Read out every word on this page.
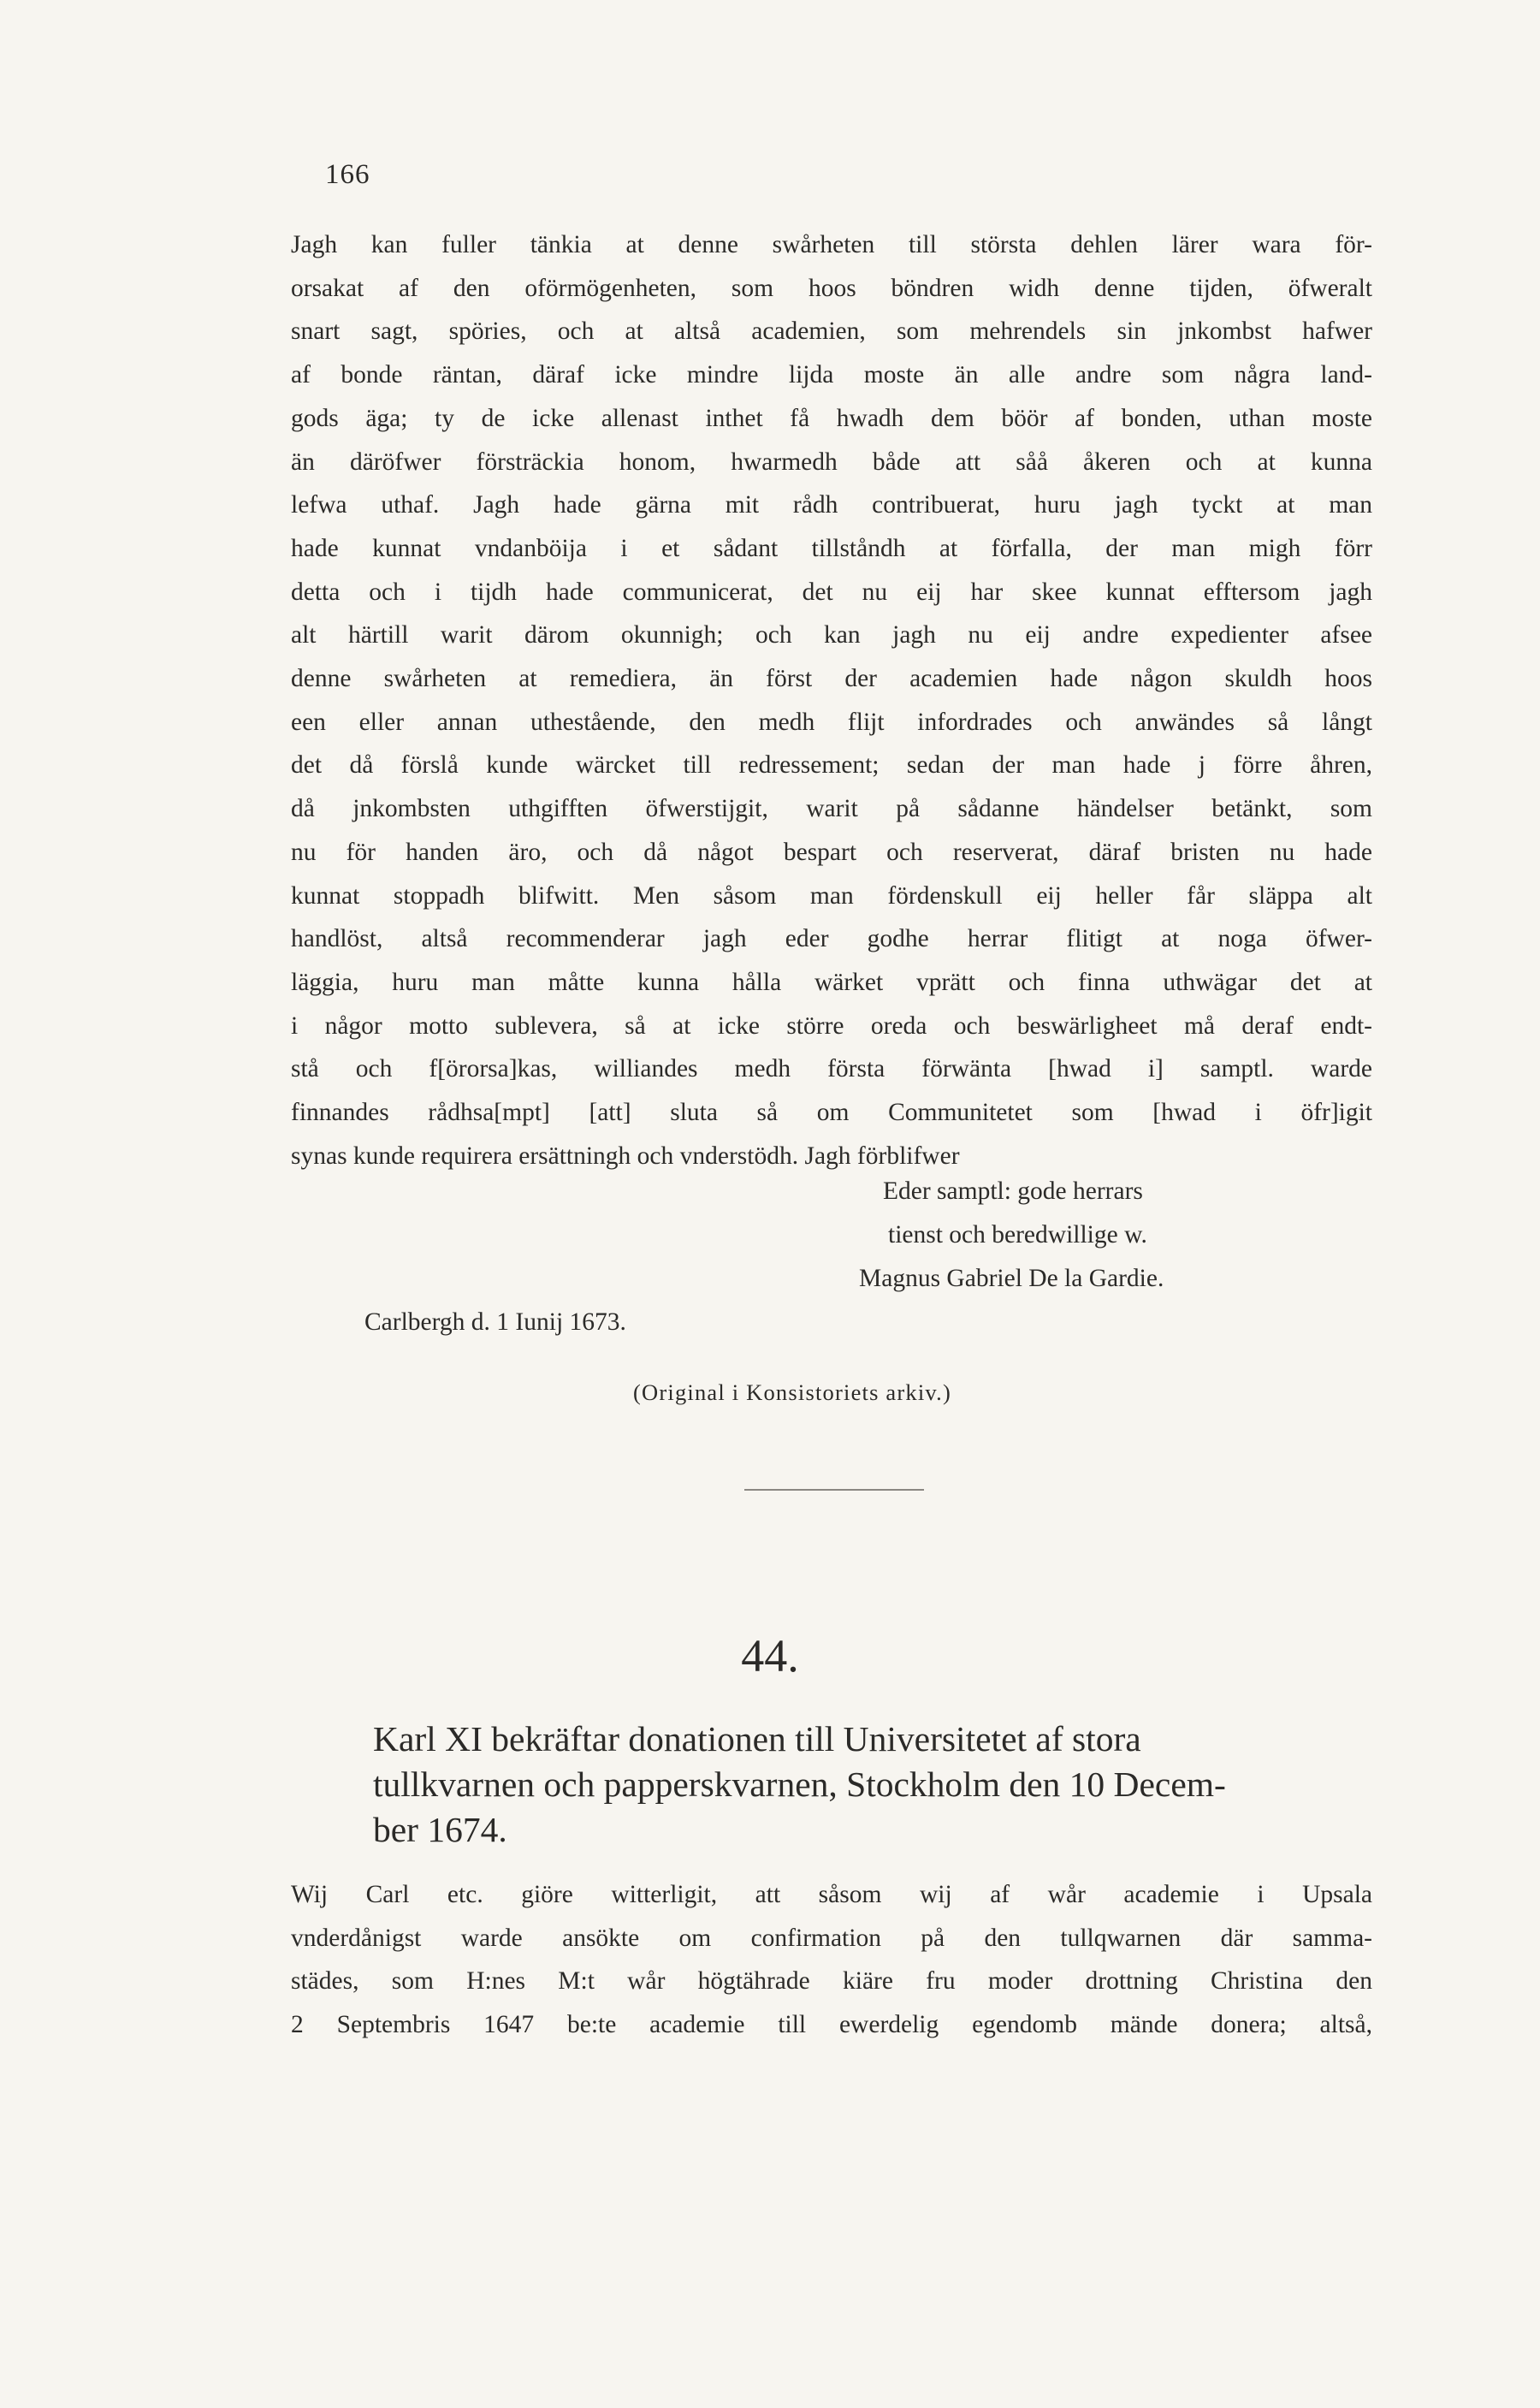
166
Jagh kan fuller tänkia at denne swårheten till största dehlen lärer wara för-
orsakat af den oförmögenheten, som hoos böndren widh denne tijden, öfweralt
snart sagt, spöries, och at altså academien, som mehrendels sin jnkombst hafwer
af bonde räntan, däraf icke mindre lijda moste än alle andre som några land-
gods äga; ty de icke allenast inthet få hwadh dem böör af bonden, uthan moste
än däröfwer försträckia honom, hwarmedh både att såå åkeren och at kunna
lefwa uthaf. Jagh hade gärna mit rådh contribuerat, huru jagh tyckt at man
hade kunnat vndanböija i et sådant tillståndh at förfalla, der man migh förr
detta och i tijdh hade communicerat, det nu eij har skee kunnat efftersom jagh
alt härtill warit därom okunnigh; och kan jagh nu eij andre expedienter afsee
denne swårheten at remediera, än först der academien hade någon skuldh hoos
een eller annan uthestående, den medh flijt infordrades och anwändes så långt
det då förslå kunde wärcket till redressement; sedan der man hade j förre åhren,
då jnkombsten uthgifften öfwerstijgit, warit på sådanne händelser betänkt, som
nu för handen äro, och då något bespart och reserverat, däraf bristen nu hade
kunnat stoppadh blifwitt. Men såsom man fördenskull eij heller får släppa alt
handlöst, altså recommenderar jagh eder godhe herrar flitigt at noga öfwer-
läggia, huru man måtte kunna hålla wärket vprätt och finna uthwägar det at
i någor motto sublevera, så at icke större oreda och beswärligheet må deraf endt-
stå och f[örorsa]kas, williandes medh första förwänta [hwad i] samptl. warde
finnandes rådhsa[mpt] [att] sluta så om Communitetet som [hwad i öfr]igit
synas kunde requirera ersättningh och vnderstödh. Jagh förblifwer
Eder samptl: gode herrars
tienst och beredwillige w.
Magnus Gabriel De la Gardie.
Carlbergh d. 1 Iunij 1673.
(Original i Konsistoriets arkiv.)
44.
Karl XI bekräftar donationen till Universitetet af stora
tullkvarnen och papperskvarnen, Stockholm den 10 Decem-
ber 1674.
Wij Carl etc. giöre witterligit, att såsom wij af wår academie i Upsala
vnderdånigst warde ansökte om confirmation på den tullqwarnen där samma-
städes, som H:nes M:t wår högtährade kiäre fru moder drottning Christina den
2 Septembris 1647 be:te academie till ewerdelig egendomb mände donera; altså,
